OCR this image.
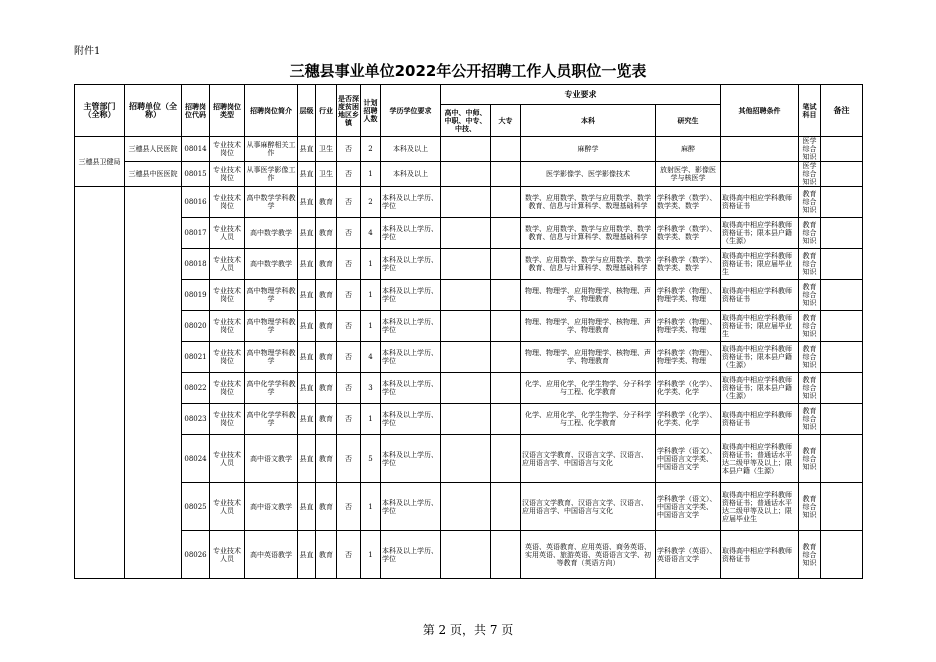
附件1
三穗县事业单位2022年公开招聘工作人员职位一览表
主管部门（全称）	招聘单位（全称）	招聘岗位代码	招聘岗位类型	招聘岗位简介	层级	行业	是否深度贫困地区乡镇	计划招聘人数	学历学位要求	专业要求				其他招聘条件	笔试科目	备注
										高中、中师、中职、中专、中技、	大专	本科	研究生			
三穗县卫健局	三穗县人民医院	08014	专业技术岗位	从事麻醉相关工作	县直	卫生	否	2	本科及以上			麻醉学	麻醉		医学综合知识	
	三穗县中医医院	08015	专业技术岗位	从事医学影像工作	县直	卫生	否	1	本科及以上			医学影像学、医学影像技术	放射医学、影像医学与核医学		医学综合知识	
		08016	专业技术岗位	高中数学学科教学	县直	教育	否	2	本科及以上学历、学位			数学、应用数学、数学与应用数学、数学教育、信息与计算科学、数理基础科学	学科教学（数学）、数学类、数学	取得高中相应学科教师资格证书	教育综合知识	
		08017	专业技术人员	高中数学教学	县直	教育	否	4	本科及以上学历、学位			数学、应用数学、数学与应用数学、数学教育、信息与计算科学、数理基础科学	学科教学（数学）、数学类、数学	取得高中相应学科教师资格证书；限本县户籍（生源）	教育综合知识	
		08018	专业技术人员	高中数学教学	县直	教育	否	1	本科及以上学历、学位			数学、应用数学、数学与应用数学、数学教育、信息与计算科学、数理基础科学	学科教学（数学）、数学类、数学	取得高中相应学科教师资格证书；限应届毕业生	教育综合知识	
		08019	专业技术岗位	高中物理学科教学	县直	教育	否	1	本科及以上学历、学位			物理、物理学、应用物理学、核物理、声学、物理教育	学科教学（物理）、物理学类、物理	取得高中相应学科教师资格证书	教育综合知识	
		08020	专业技术岗位	高中物理学科教学	县直	教育	否	1	本科及以上学历、学位			物理、物理学、应用物理学、核物理、声学、物理教育	学科教学（物理）、物理学类、物理	取得高中相应学科教师资格证书；限应届毕业生	教育综合知识	
		08021	专业技术岗位	高中物理学科教学	县直	教育	否	4	本科及以上学历、学位			物理、物理学、应用物理学、核物理、声学、物理教育	学科教学（物理）、物理学类、物理	取得高中相应学科教师资格证书；限本县户籍（生源）	教育综合知识	
		08022	专业技术岗位	高中化学学科教学	县直	教育	否	3	本科及以上学历、学位			化学、应用化学、化学生物学、分子科学与工程、化学教育	学科教学（化学）、化学类、化学	取得高中相应学科教师资格证书；限本县户籍（生源）	教育综合知识	
		08023	专业技术岗位	高中化学学科教学	县直	教育	否	1	本科及以上学历、学位			化学、应用化学、化学生物学、分子科学与工程、化学教育	学科教学（化学）、化学类、化学	取得高中相应学科教师资格证书	教育综合知识	
		08024	专业技术人员	高中语文教学	县直	教育	否	5	本科及以上学历、学位			汉语言文学教育、汉语言文学、汉语言、应用语言学、中国语言与文化	学科教学（语文）、中国语言文学类、中国语言文学	取得高中相应学科教师资格证书；普通话水平达二级甲等及以上；限本县户籍（生源）	教育综合知识	
		08025	专业技术人员	高中语文教学	县直	教育	否	1	本科及以上学历、学位			汉语言文学教育、汉语言文学、汉语言、应用语言学、中国语言与文化	学科教学（语文）、中国语言文学类、中国语言文学	取得高中相应学科教师资格证书；普通话水平达二级甲等及以上；限应届毕业生	教育综合知识	
		08026	专业技术人员	高中英语教学	县直	教育	否	1	本科及以上学历、学位			英语、英语教育、应用英语、商务英语、实用英语、旅游英语、英语语言文学、初等教育（英语方向）	学科教学（英语）、英语语言文学	取得高中相应学科教师资格证书	教育综合知识	
第 2 页，共 7 页
